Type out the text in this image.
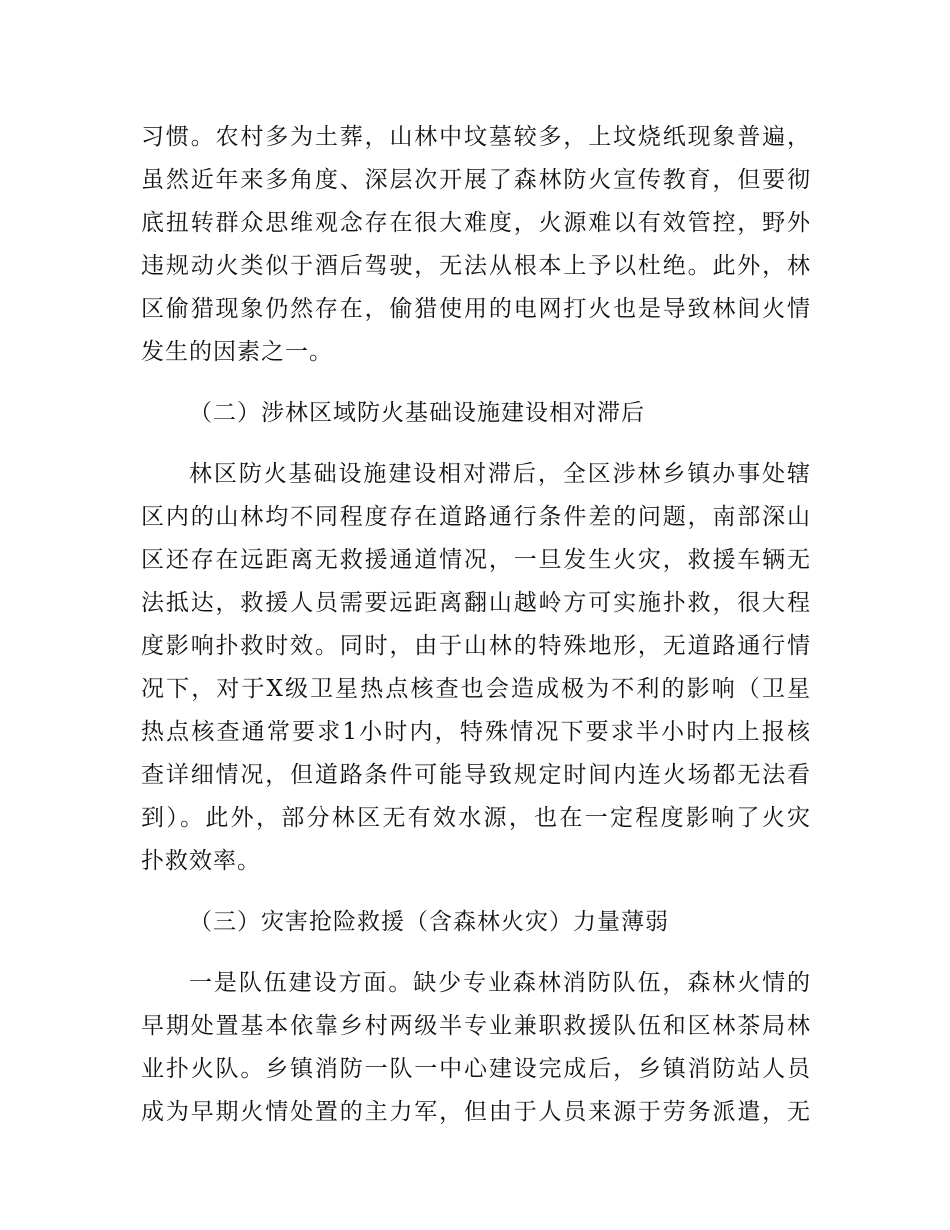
习惯。农村多为土葬，山林中坟墓较多，上坟烧纸现象普遍，
虽然近年来多角度、深层次开展了森林防火宣传教育，但要彻
底扭转群众思维观念存在很大难度，火源难以有效管控，野外
违规动火类似于酒后驾驶，无法从根本上予以杜绝。此外，林
区偷猎现象仍然存在，偷猎使用的电网打火也是导致林间火情
发生的因素之一。
（二）涉林区域防火基础设施建设相对滞后
林区防火基础设施建设相对滞后，全区涉林乡镇办事处辖
区内的山林均不同程度存在道路通行条件差的问题，南部深山
区还存在远距离无救援通道情况，一旦发生火灾，救援车辆无
法抵达，救援人员需要远距离翻山越岭方可实施扑救，很大程
度影响扑救时效。同时，由于山林的特殊地形，无道路通行情
况下，对于X级卫星热点核查也会造成极为不利的影响（卫星
热点核查通常要求1小时内，特殊情况下要求半小时内上报核
查详细情况，但道路条件可能导致规定时间内连火场都无法看
到）。此外，部分林区无有效水源，也在一定程度影响了火灾
扑救效率。
（三）灾害抢险救援（含森林火灾）力量薄弱
一是队伍建设方面。缺少专业森林消防队伍，森林火情的
早期处置基本依靠乡村两级半专业兼职救援队伍和区林茶局林
业扑火队。乡镇消防一队一中心建设完成后，乡镇消防站人员
成为早期火情处置的主力军，但由于人员来源于劳务派遣，无
